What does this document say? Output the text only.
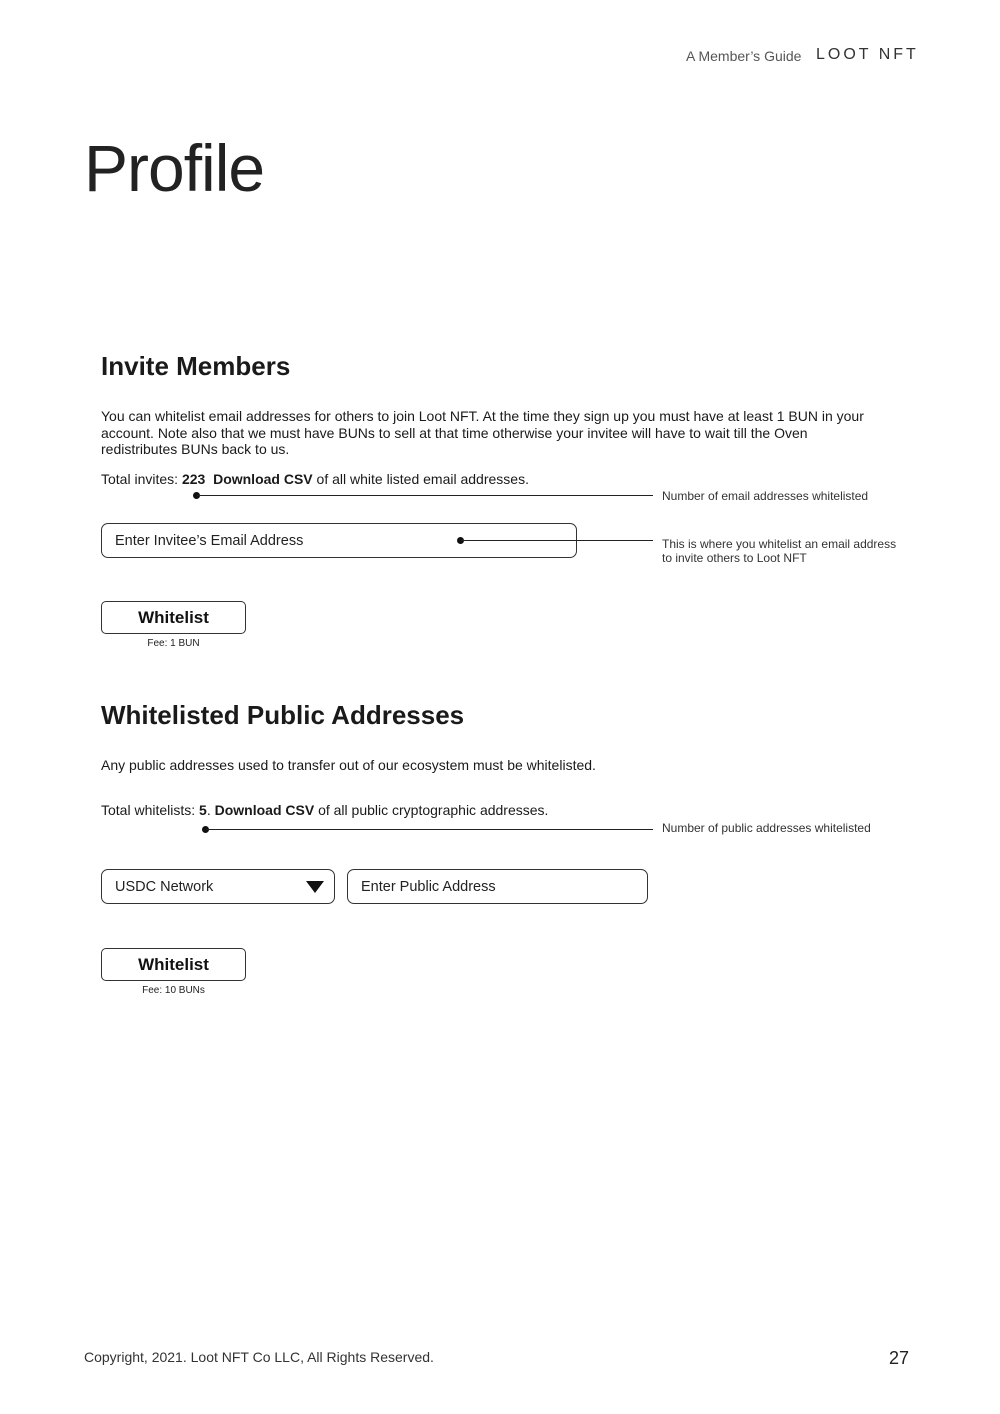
A Member’s Guide LOOT NFT
Profile
Invite Members
You can whitelist email addresses for others to join Loot NFT. At the time they sign up you must have at least 1 BUN in your
account. Note also that we must have BUNs to sell at that time otherwise your invitee will have to wait till the Oven
redistributes BUNs back to us.
Total invites: 223 Download CSV of all white listed email addresses.
Number of email addresses whitelisted
Enter Invitee’s Email Address	This is where you whitelist an email address
to invite others to Loot NFT
Whitelist
Fee: 1 BUN
Whitelisted Public Addresses
Any public addresses used to transfer out of our ecosystem must be whitelisted.
Total whitelists: 5. Download CSV of all public cryptographic addresses.
Number of public addresses whitelisted
USDC Network	Enter Public Address
Whitelist
Fee: 10 BUNs
Copyright, 2021. Loot NFT Co LLC, All Rights Reserved.	27
